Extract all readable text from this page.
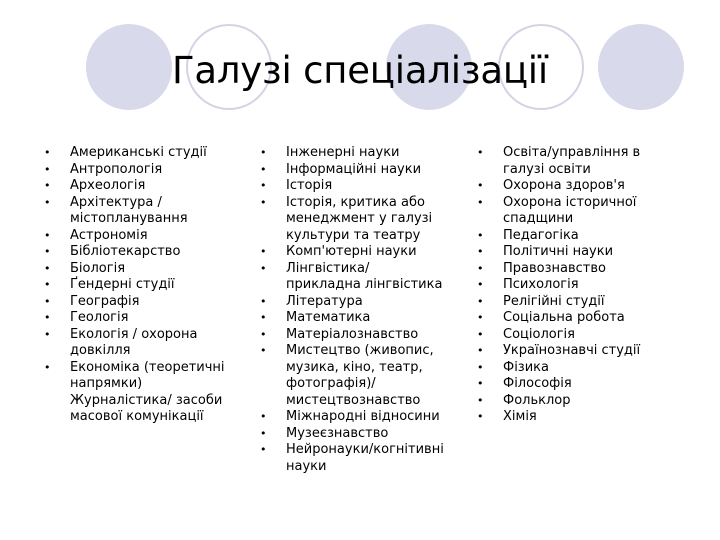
Галузі спеціалізації
• Американські студії
• Антропологія
• Археологія
• Архітектура /
містопланування
• Астрономія
• Бібліотекарство
• Біологія
• Ґендерні студії
• Географія
• Геологія
• Екологія / охорона
довкілля
• Економіка (теоретичні
напрямки)
Журналістика/ засоби
масової комунікації
• Інженерні науки
• Інформаційні науки
• Історія
• Історія, критика або
менеджмент у галузі
культури та театру
• Комп'ютерні науки
• Лінгвістика/
прикладна лінгвістика
• Література
• Математика
• Матеріалознавство
• Мистецтво (живопис,
музика, кіно, театр,
фотографія)/
мистецтвознавство
• Міжнародні відносини
• Музеєзнавство
• Нейронауки/когнітивні
науки
• Освіта/управління в
галузі освіти
• Охорона здоров'я
• Охорона історичної
спадщини
• Педагогіка
• Політичні науки
• Правознавство
• Психологія
• Релігійні студії
• Соціальна робота
• Соціологія
• Українознавчі студії
• Фізика
• Філософія
• Фольклор
• Хімія
